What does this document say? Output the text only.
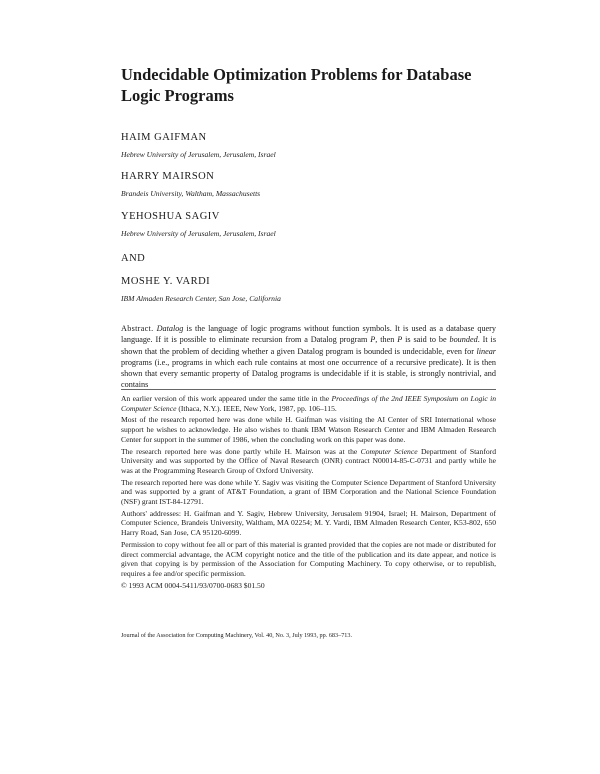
Undecidable Optimization Problems for Database
Logic Programs
HAIM GAIFMAN
Hebrew University of Jerusalem, Jerusalem, Israel
HARRY MAIRSON
Brandeis University, Waltham, Massachusetts
YEHOSHUA SAGIV
Hebrew University of Jerusalem, Jerusalem, Israel
AND
MOSHE Y. VARDI
IBM Almaden Research Center, San Jose, California
Abstract. Datalog is the language of logic programs without function symbols. It is used as a database query language. If it is possible to eliminate recursion from a Datalog program P, then P is said to be bounded. It is shown that the problem of deciding whether a given Datalog program is bounded is undecidable, even for linear programs (i.e., programs in which each rule contains at most one occurrence of a recursive predicate). It is then shown that every semantic property of Datalog programs is undecidable if it is stable, is strongly nontrivial, and contains

An earlier version of this work appeared under the same title in the Proceedings of the 2nd IEEE Symposium on Logic in Computer Science (Ithaca, N.Y.). IEEE, New York, 1987, pp. 106–115.

Most of the research reported here was done while H. Gaifman was visiting the AI Center of SRI International whose support he wishes to acknowledge. He also wishes to thank IBM Watson Research Center and IBM Almaden Research Center for support in the summer of 1986, when the concluding work on this paper was done.

The research reported here was done partly while H. Mairson was at the Computer Science Department of Stanford University and was supported by the Office of Naval Research (ONR) contract N00014-85-C-0731 and partly while he was at the Programming Research Group of Oxford University.

The research reported here was done while Y. Sagiv was visiting the Computer Science Department of Stanford University and was supported by a grant of AT&T Foundation, a grant of IBM Corporation and the National Science Foundation (NSF) grant IST-84-12791.

Authors' addresses: H. Gaifman and Y. Sagiv, Hebrew University, Jerusalem 91904, Israel; H. Mairson, Department of Computer Science, Brandeis University, Waltham, MA 02254; M. Y. Vardi, IBM Almaden Research Center, K53-802, 650 Harry Road, San Jose, CA 95120-6099.

Permission to copy without fee all or part of this material is granted provided that the copies are not made or distributed for direct commercial advantage, the ACM copyright notice and the title of the publication and its date appear, and notice is given that copying is by permission of the Association for Computing Machinery. To copy otherwise, or to republish, requires a fee and/or specific permission.

© 1993 ACM 0004-5411/93/0700-0683 $01.50

Journal of the Association for Computing Machinery, Vol. 40, No. 3, July 1993, pp. 683–713.
